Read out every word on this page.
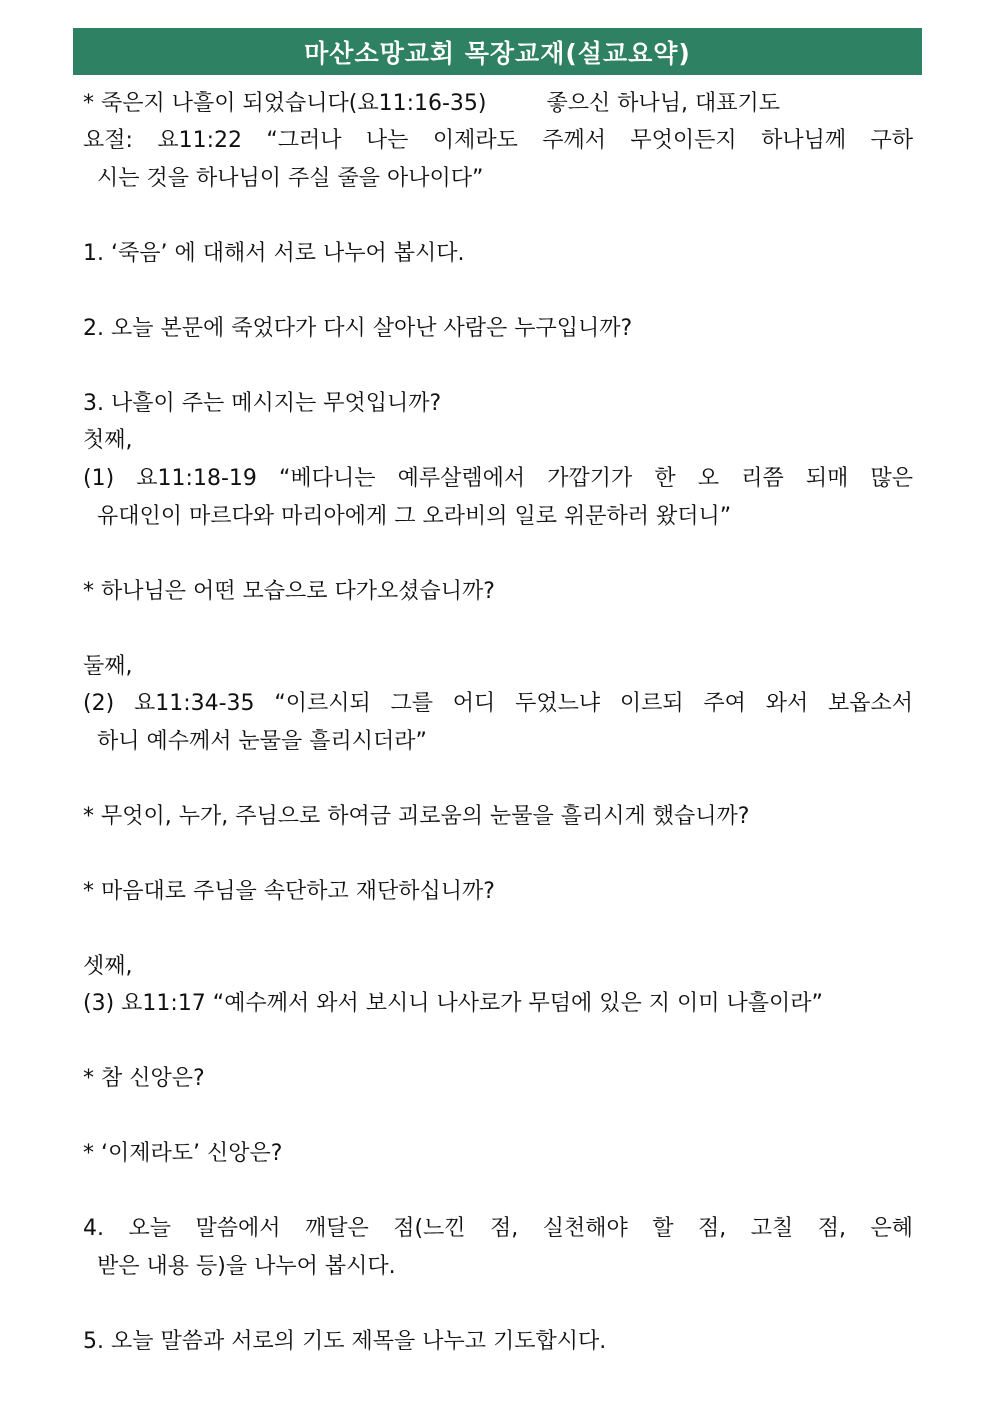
마산소망교회 목장교재(설교요약)
* 죽은지 나흘이 되었습니다(요11:16-35)	좋으신 하나님, 대표기도
요절: 요11:22 “그러나 나는 이제라도 주께서 무엇이든지 하나님께 구하
시는 것을 하나님이 주실 줄을 아나이다”
1. ‘죽음’ 에 대해서 서로 나누어 봅시다.
2. 오늘 본문에 죽었다가 다시 살아난 사람은 누구입니까?
3. 나흘이 주는 메시지는 무엇입니까?
첫째,
(1) 요11:18-19 “베다니는 예루살렘에서 가깝기가 한 오 리쯤 되매 많은
유대인이 마르다와 마리아에게 그 오라비의 일로 위문하러 왔더니”
* 하나님은 어떤 모습으로 다가오셨습니까?
둘째,
(2) 요11:34-35 “이르시되 그를 어디 두었느냐 이르되 주여 와서 보옵소서
하니 예수께서 눈물을 흘리시더라”
* 무엇이, 누가, 주님으로 하여금 괴로움의 눈물을 흘리시게 했습니까?
* 마음대로 주님을 속단하고 재단하십니까?
셋째,
(3) 요11:17 “예수께서 와서 보시니 나사로가 무덤에 있은 지 이미 나흘이라”
* 참 신앙은?
* ‘이제라도’ 신앙은?
4. 오늘 말씀에서 깨달은 점(느낀 점, 실천해야 할 점, 고칠 점, 은혜
받은 내용 등)을 나누어 봅시다.
5. 오늘 말씀과 서로의 기도 제목을 나누고 기도합시다.
